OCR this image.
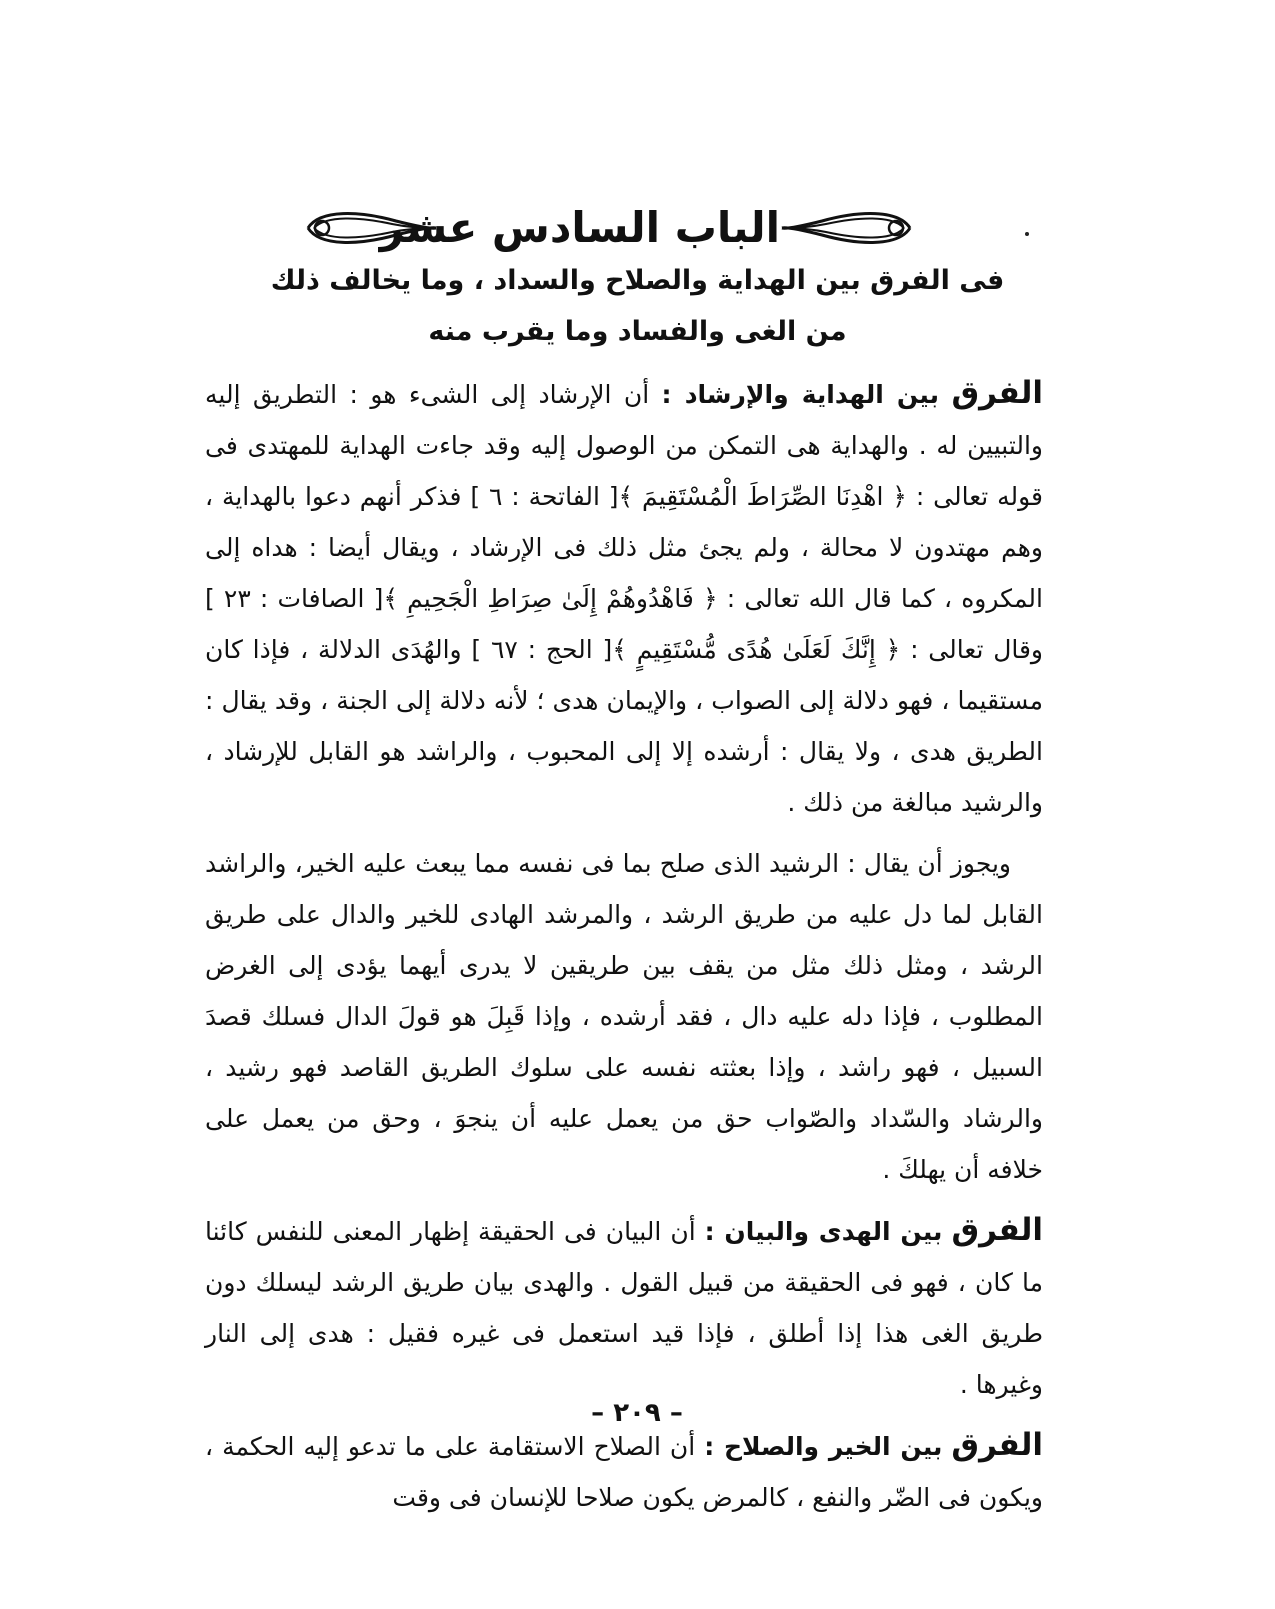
الباب السادس عشر
فى الفرق بين الهداية والصلاح والسداد ، وما يخالف ذلك
من الغى والفساد وما يقرب منه

الفرق بين الهداية والإرشاد : أن الإرشاد إلى الشىء هو : التطريق إليه والتبيين له . والهداية هى التمكن من الوصول إليه وقد جاءت الهداية للمهتدى فى قوله تعالى : ﴿ اهْدِنَا الصِّرَاطَ الْمُسْتَقِيمَ ﴾[ الفاتحة : ٦ ] فذكر أنهم دعوا بالهداية ، وهم مهتدون لا محالة ، ولم يجئ مثل ذلك فى الإرشاد ، ويقال أيضا : هداه إلى المكروه ، كما قال الله تعالى : ﴿ فَاهْدُوهُمْ إِلَىٰ صِرَاطِ الْجَحِيمِ ﴾[ الصافات : ٢٣ ] وقال تعالى : ﴿ إِنَّكَ لَعَلَىٰ هُدًى مُّسْتَقِيمٍ ﴾[ الحج : ٦٧ ] والهُدَى الدلالة ، فإذا كان مستقيما ، فهو دلالة إلى الصواب ، والإيمان هدى ؛ لأنه دلالة إلى الجنة ، وقد يقال : الطريق هدى ، ولا يقال : أرشده إلا إلى المحبوب ، والراشد هو القابل للإرشاد ، والرشيد مبالغة من ذلك .

ويجوز أن يقال : الرشيد الذى صلح بما فى نفسه مما يبعث عليه الخير، والراشد القابل لما دل عليه من طريق الرشد ، والمرشد الهادى للخير والدال على طريق الرشد ، ومثل ذلك مثل من يقف بين طريقين لا يدرى أيهما يؤدى إلى الغرض المطلوب ، فإذا دله عليه دال ، فقد أرشده ، وإذا قَبِلَ هو قولَ الدال فسلك قصدَ السبيل ، فهو راشد ، وإذا بعثته نفسه على سلوك الطريق القاصد فهو رشيد ، والرشاد والسّداد والصّواب حق من يعمل عليه أن ينجوَ ، وحق من يعمل على خلافه أن يهلكَ .

الفرق بين الهدى والبيان : أن البيان فى الحقيقة إظهار المعنى للنفس كائنا ما كان ، فهو فى الحقيقة من قبيل القول . والهدى بيان طريق الرشد ليسلك دون طريق الغى هذا إذا أطلق ، فإذا قيد استعمل فى غيره فقيل : هدى إلى النار وغيرها .

الفرق بين الخير والصلاح : أن الصلاح الاستقامة على ما تدعو إليه الحكمة ، ويكون فى الضّر والنفع ، كالمرض يكون صلاحا للإنسان فى وقت

– ٢٠٩ –
